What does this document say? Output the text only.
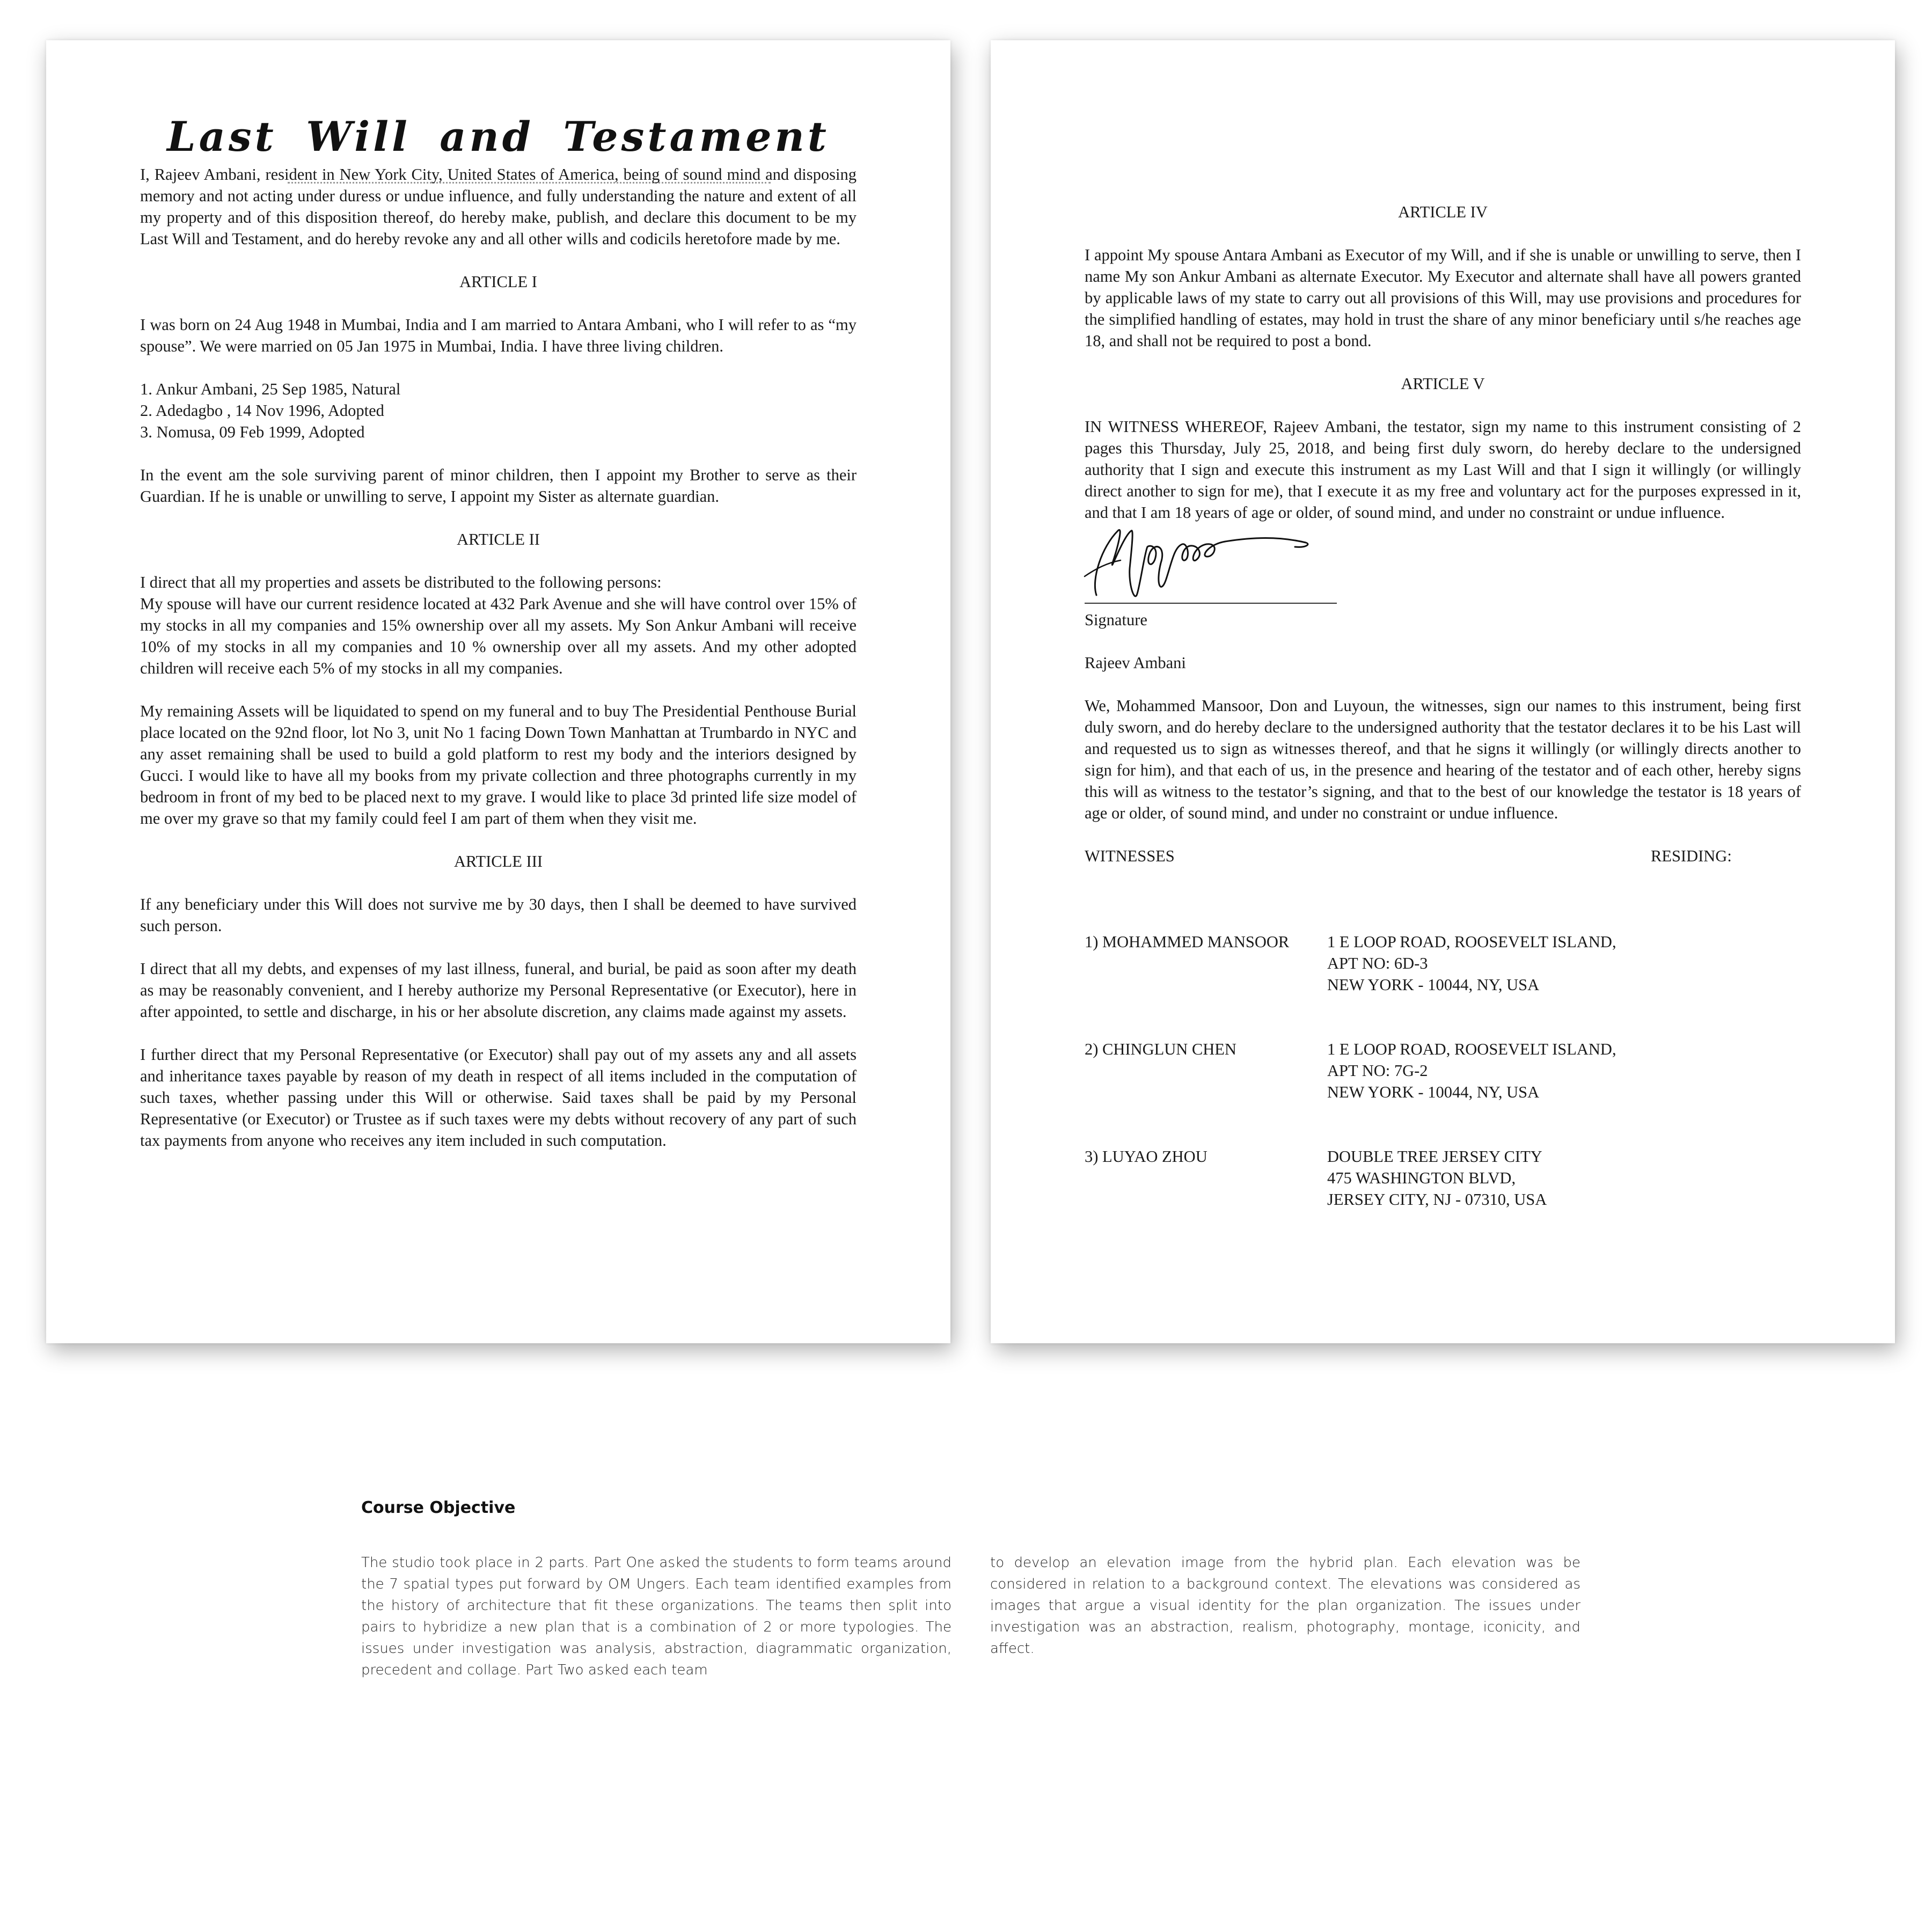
Last Will and Testament

I, Rajeev Ambani, resident in New York City, United States of America, being of sound mind and disposing memory and not acting under duress or undue influence, and fully understanding the nature and extent of all my property and of this disposition thereof, do hereby make, publish, and declare this document to be my Last Will and Testament, and do hereby revoke any and all other wills and codicils heretofore made by me.

ARTICLE I

I was born on 24 Aug 1948 in Mumbai, India and I am married to Antara Ambani, who I will refer to as “my spouse”. We were married on 05 Jan 1975 in Mumbai, India. I have three living children.

1. Ankur Ambani, 25 Sep 1985, Natural
2. Adedagbo , 14 Nov 1996, Adopted
3. Nomusa, 09 Feb 1999, Adopted

In the event am the sole surviving parent of minor children, then I appoint my Brother to serve as their Guardian. If he is unable or unwilling to serve, I appoint my Sister as alternate guardian.

ARTICLE II

I direct that all my properties and assets be distributed to the following persons:

My spouse will have our current residence located at 432 Park Avenue and she will have control over 15% of my stocks in all my companies and 15% ownership over all my assets. My Son Ankur Ambani will receive 10% of my stocks in all my companies and 10 % ownership over all my assets. And my other adopted children will receive each 5% of my stocks in all my companies.

My remaining Assets will be liquidated to spend on my funeral and to buy The Presidential Penthouse Burial place located on the 92nd floor, lot No 3, unit No 1 facing Down Town Manhattan at Trumbardo in NYC and any asset remaining shall be used to build a gold platform to rest my body and the interiors designed by Gucci. I would like to have all my books from my private collection and three photographs currently in my bedroom in front of my bed to be placed next to my grave. I would like to place 3d printed life size model of me over my grave so that my family could feel I am part of them when they visit me.

ARTICLE III

If any beneficiary under this Will does not survive me by 30 days, then I shall be deemed to have survived such person.

I direct that all my debts, and expenses of my last illness, funeral, and burial, be paid as soon after my death as may be reasonably convenient, and I hereby authorize my Personal Representative (or Executor), here in after appointed, to settle and discharge, in his or her absolute discretion, any claims made against my assets.

I further direct that my Personal Representative (or Executor) shall pay out of my assets any and all assets and inheritance taxes payable by reason of my death in respect of all items included in the computation of such taxes, whether passing under this Will or otherwise. Said taxes shall be paid by my Personal Representative (or Executor) or Trustee as if such taxes were my debts without recovery of any part of such tax payments from anyone who receives any item included in such computation.

ARTICLE IV

I appoint My spouse Antara Ambani as Executor of my Will, and if she is unable or unwilling to serve, then I name My son Ankur Ambani as alternate Executor. My Executor and alternate shall have all powers granted by applicable laws of my state to carry out all provisions of this Will, may use provisions and procedures for the simplified handling of estates, may hold in trust the share of any minor beneficiary until s/he reaches age 18, and shall not be required to post a bond.

ARTICLE V

IN WITNESS WHEREOF, Rajeev Ambani, the testator, sign my name to this instrument consisting of 2 pages this Thursday, July 25, 2018, and being first duly sworn, do hereby declare to the undersigned authority that I sign and execute this instrument as my Last Will and that I sign it willingly (or willingly direct another to sign for me), that I execute it as my free and voluntary act for the purposes expressed in it, and that I am 18 years of age or older, of sound mind, and under no constraint or undue influence.

Signature

Rajeev Ambani

We, Mohammed Mansoor, Don and Luyoun, the witnesses, sign our names to this instrument, being first duly sworn, and do hereby declare to the undersigned authority that the testator declares it to be his Last will and requested us to sign as witnesses thereof, and that he signs it willingly (or willingly directs another to sign for him), and that each of us, in the presence and hearing of the testator and of each other, hereby signs this will as witness to the testator’s signing, and that to the best of our knowledge the testator is 18 years of age or older, of sound mind, and under no constraint or undue influence.

WITNESSES	RESIDING:
1) MOHAMMED MANSOOR	1 E LOOP ROAD, ROOSEVELT ISLAND,
APT NO: 6D-3
NEW YORK - 10044, NY, USA
2) CHINGLUN CHEN	1 E LOOP ROAD, ROOSEVELT ISLAND,
APT NO: 7G-2
NEW YORK - 10044, NY, USA
3) LUYAO ZHOU	DOUBLE TREE JERSEY CITY
475 WASHINGTON BLVD,
JERSEY CITY, NJ - 07310, USA
Course Objective
The studio took place in 2 parts. Part One asked the students to form teams around the 7 spatial types put forward by OM Ungers. Each team identified examples from the history of architecture that fit these organizations. The teams then split into pairs to hybridize a new plan that is a combination of 2 or more typologies. The issues under investigation was analysis, abstraction, diagrammatic organization, precedent and collage. Part Two asked each team
to develop an elevation image from the hybrid plan. Each elevation was be considered in relation to a background context. The elevations was considered as images that argue a visual identity for the plan organization. The issues under investigation was an abstraction, realism, photography, montage, iconicity, and affect.
